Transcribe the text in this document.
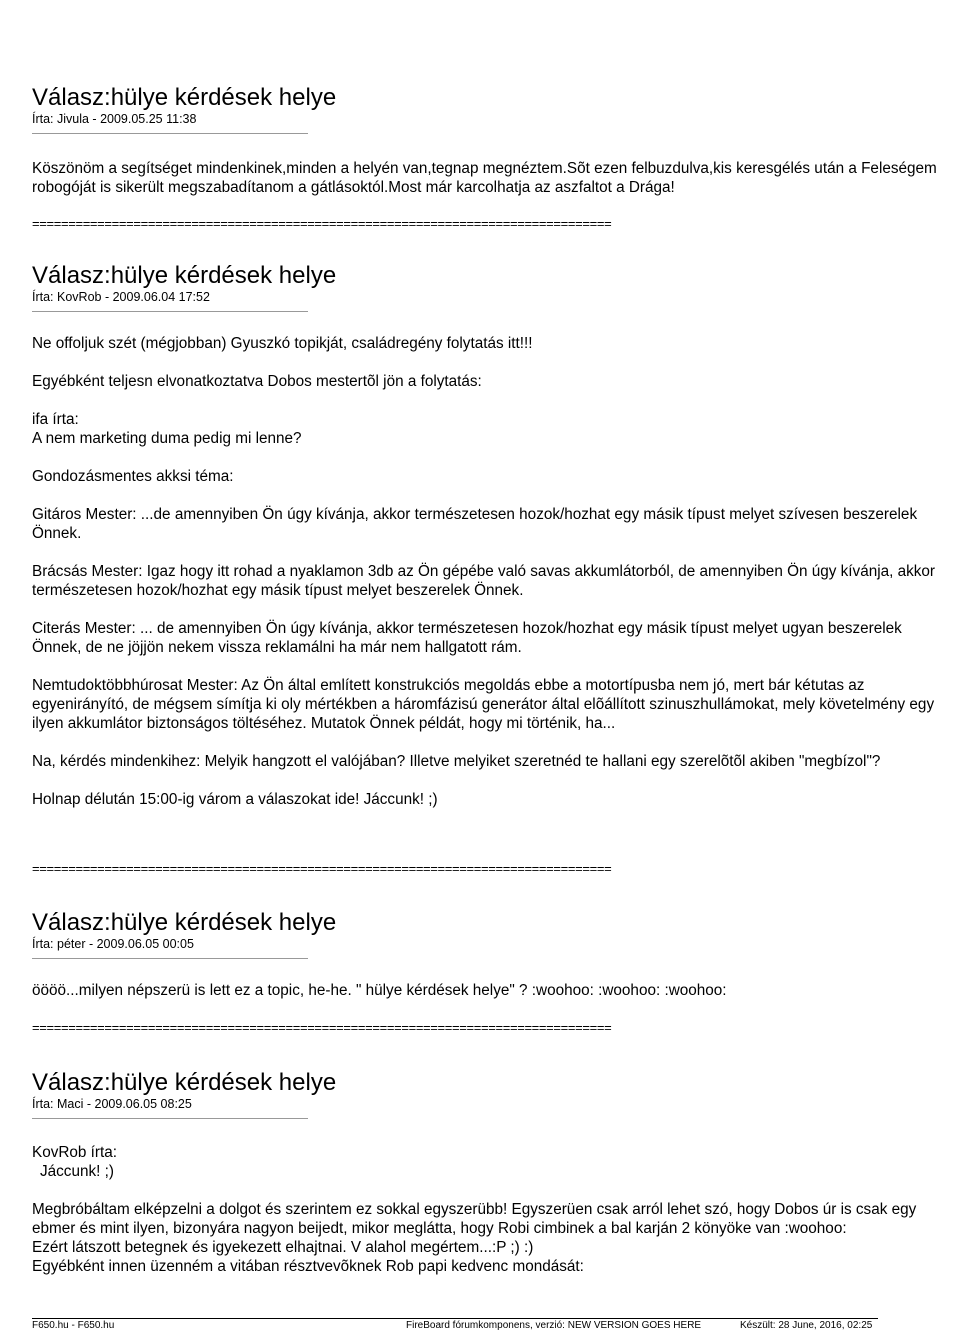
Válasz:hülye kérdések helye
Írta: Jivula - 2009.05.25 11:38

Köszönöm a segítséget mindenkinek,minden a helyén van,tegnap megnéztem.Sõt ezen felbuzdulva,kis keresgélés után a Feleségem robogóját is sikerült megszabadítanom a gátlásoktól.Most már karcolhatja az aszfaltot a Drága!

================================================================================
Válasz:hülye kérdések helye
Írta: KovRob - 2009.06.04 17:52

Ne offoljuk szét (mégjobban) Gyuszkó topikját, családregény folytatás itt!!!

Egyébként teljesn elvonatkoztatva Dobos mestertõl jön a folytatás:

ifa írta:

A nem marketing duma pedig mi lenne?

Gondozásmentes akksi téma:

Gitáros Mester: ...de amennyiben Ön úgy kívánja, akkor természetesen hozok/hozhat egy másik típust melyet szívesen beszerelek Önnek.

Brácsás Mester: Igaz hogy itt rohad a nyaklamon 3db az Ön gépébe való savas akkumlátorból, de amennyiben Ön úgy kívánja, akkor természetesen hozok/hozhat egy másik típust melyet beszerelek Önnek.

Citerás Mester: ... de amennyiben Ön úgy kívánja, akkor természetesen hozok/hozhat egy másik típust melyet ugyan beszerelek Önnek, de ne jöjjön nekem vissza reklamálni ha már nem hallgatott rám.

Nemtudoktöbbhúrosat Mester: Az Ön által említett konstrukciós megoldás ebbe a motortípusba nem jó, mert bár kétutas az egyenirányító, de mégsem símítja ki oly mértékben a háromfázisú generátor által elõállított szinuszhullámokat, mely követelmény egy ilyen akkumlátor biztonságos töltéséhez. Mutatok Önnek példát, hogy mi történik, ha...

Na, kérdés mindenkihez: Melyik hangzott el valójában? Illetve melyiket szeretnéd te hallani egy szerelõtõl akiben "megbízol"?

Holnap délután 15:00-ig várom a válaszokat ide! Jáccunk! ;)

================================================================================
Válasz:hülye kérdések helye
Írta: péter - 2009.06.05 00:05

öööö...milyen népszerü is lett ez a topic, he-he. " hülye kérdések helye" ? :woohoo: :woohoo: :woohoo:

================================================================================
Válasz:hülye kérdések helye
Írta: Maci - 2009.06.05 08:25

KovRob írta:

Jáccunk! ;)

Megbróbáltam elképzelni a dolgot és szerintem ez sokkal egyszerübb! Egyszerüen csak arról lehet szó, hogy Dobos úr is csak egy ebmer és mint ilyen, bizonyára nagyon beijedt, mikor meglátta, hogy Robi cimbinek a bal karján 2 könyöke van :woohoo:

Ezért látszott betegnek és igyekezett elhajtnai. V alahol megértem...:P ;) :)

Egyébként innen üzenném a vitában résztvevõknek Rob papi kedvenc mondását:

F650.hu - F650.hu	FireBoard fórumkomponens, verzió: NEW VERSION GOES HERE	Készült: 28 June, 2016, 02:25
